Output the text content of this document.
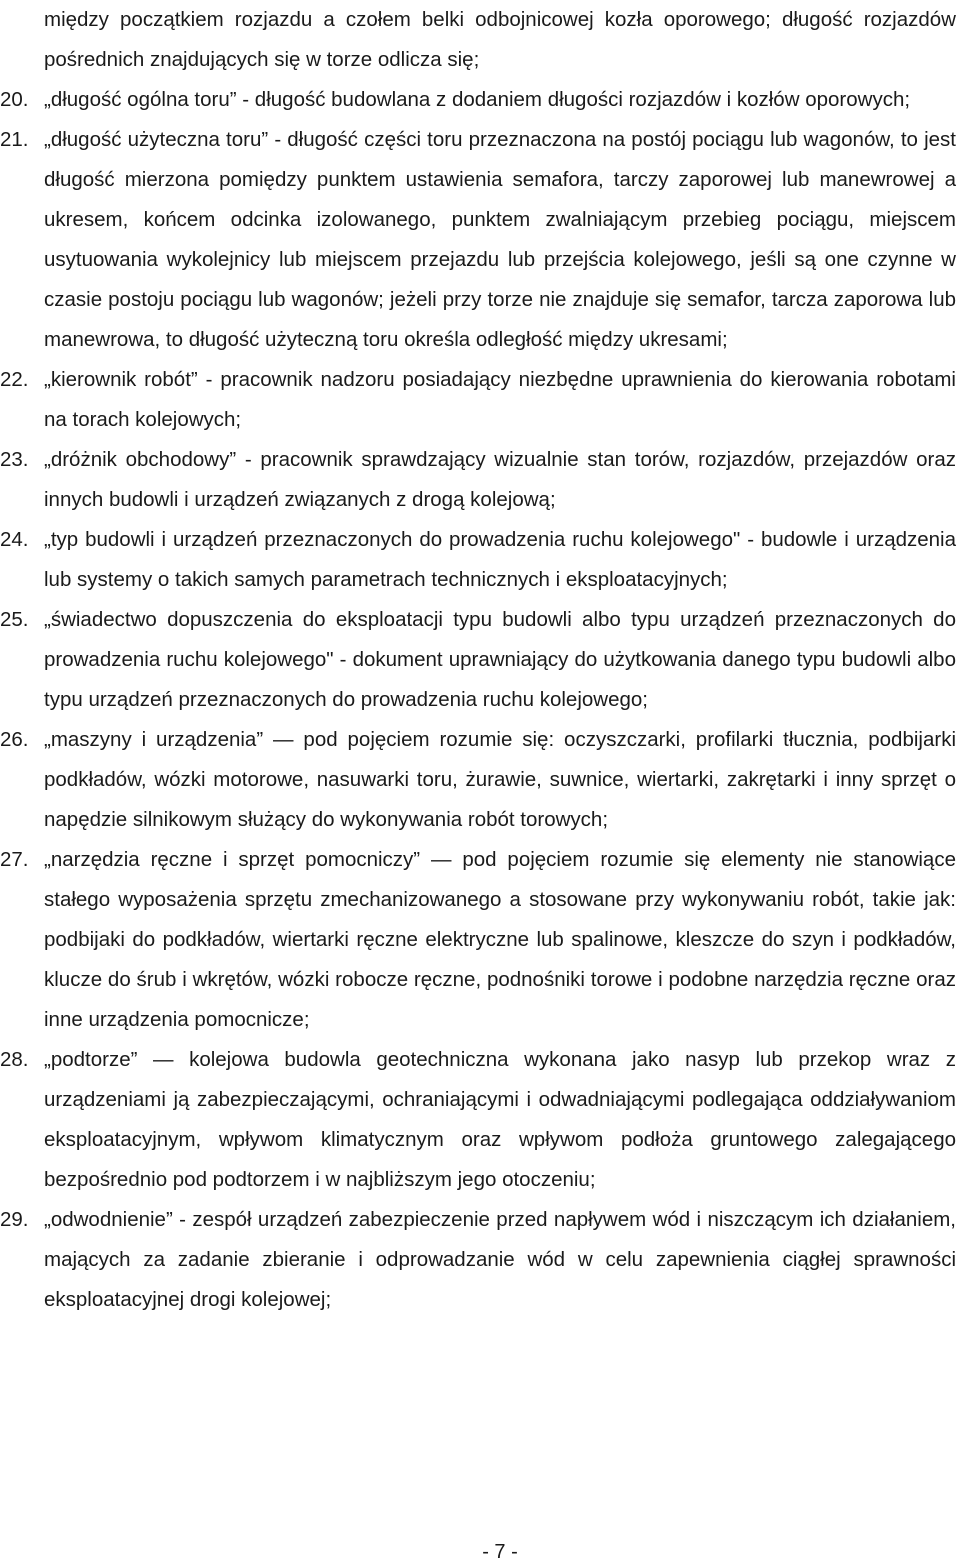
między początkiem rozjazdu a czołem belki odbojnicowej kozła oporowego; długość rozjazdów pośrednich znajdujących się w torze odlicza się;

20. „długość ogólna toru” - długość budowlana z dodaniem długości rozjazdów i kozłów oporowych;
21. „długość użyteczna toru” - długość części toru przeznaczona na postój pociągu lub wagonów, to jest długość mierzona pomiędzy punktem ustawienia semafora, tarczy zaporowej lub manewrowej a ukresem, końcem odcinka izolowanego, punktem zwalniającym przebieg pociągu, miejscem usytuowania wykolejnicy lub miejscem przejazdu lub przejścia kolejowego, jeśli są one czynne w czasie postoju pociągu lub wagonów; jeżeli przy torze nie znajduje się semafor, tarcza zaporowa lub manewrowa, to długość użyteczną toru określa odległość między ukresami;
22. „kierownik robót” - pracownik nadzoru posiadający niezbędne uprawnienia do kierowania robotami na torach kolejowych;
23. „dróżnik obchodowy” - pracownik sprawdzający wizualnie stan torów, rozjazdów, przejazdów oraz innych budowli i urządzeń związanych z drogą kolejową;
24. „typ budowli i urządzeń przeznaczonych do prowadzenia ruchu kolejowego" - budowle i urządzenia lub systemy o takich samych parametrach technicznych i eksploatacyjnych;
25. „świadectwo dopuszczenia do eksploatacji typu budowli albo typu urządzeń przeznaczonych do prowadzenia ruchu kolejowego" - dokument uprawniający do użytkowania danego typu budowli albo typu urządzeń przeznaczonych do prowadzenia ruchu kolejowego;
26. „maszyny i urządzenia” — pod pojęciem rozumie się: oczyszczarki, profilarki tłucznia, podbijarki podkładów, wózki motorowe, nasuwarki toru, żurawie, suwnice, wiertarki, zakrętarki i inny sprzęt o napędzie silnikowym służący do wykonywania robót torowych;
27. „narzędzia ręczne i sprzęt pomocniczy” — pod pojęciem rozumie się elementy nie stanowiące stałego wyposażenia sprzętu zmechanizowanego a stosowane przy wykonywaniu robót, takie jak: podbijaki do podkładów, wiertarki ręczne elektryczne lub spalinowe, kleszcze do szyn i podkładów, klucze do śrub i wkrętów, wózki robocze ręczne, podnośniki torowe i podobne narzędzia ręczne oraz inne urządzenia pomocnicze;
28. „podtorze” — kolejowa budowla geotechniczna wykonana jako nasyp lub przekop wraz z urządzeniami ją zabezpieczającymi, ochraniającymi i odwadniającymi podlegająca oddziaływaniom eksploatacyjnym, wpływom klimatycznym oraz wpływom podłoża gruntowego zalegającego bezpośrednio pod podtorzem i w najbliższym jego otoczeniu;
29. „odwodnienie” - zespół urządzeń zabezpieczenie przed napływem wód i niszczącym ich działaniem, mających za zadanie zbieranie i odprowadzanie wód w celu zapewnienia ciągłej sprawności eksploatacyjnej drogi kolejowej;
- 7 -
